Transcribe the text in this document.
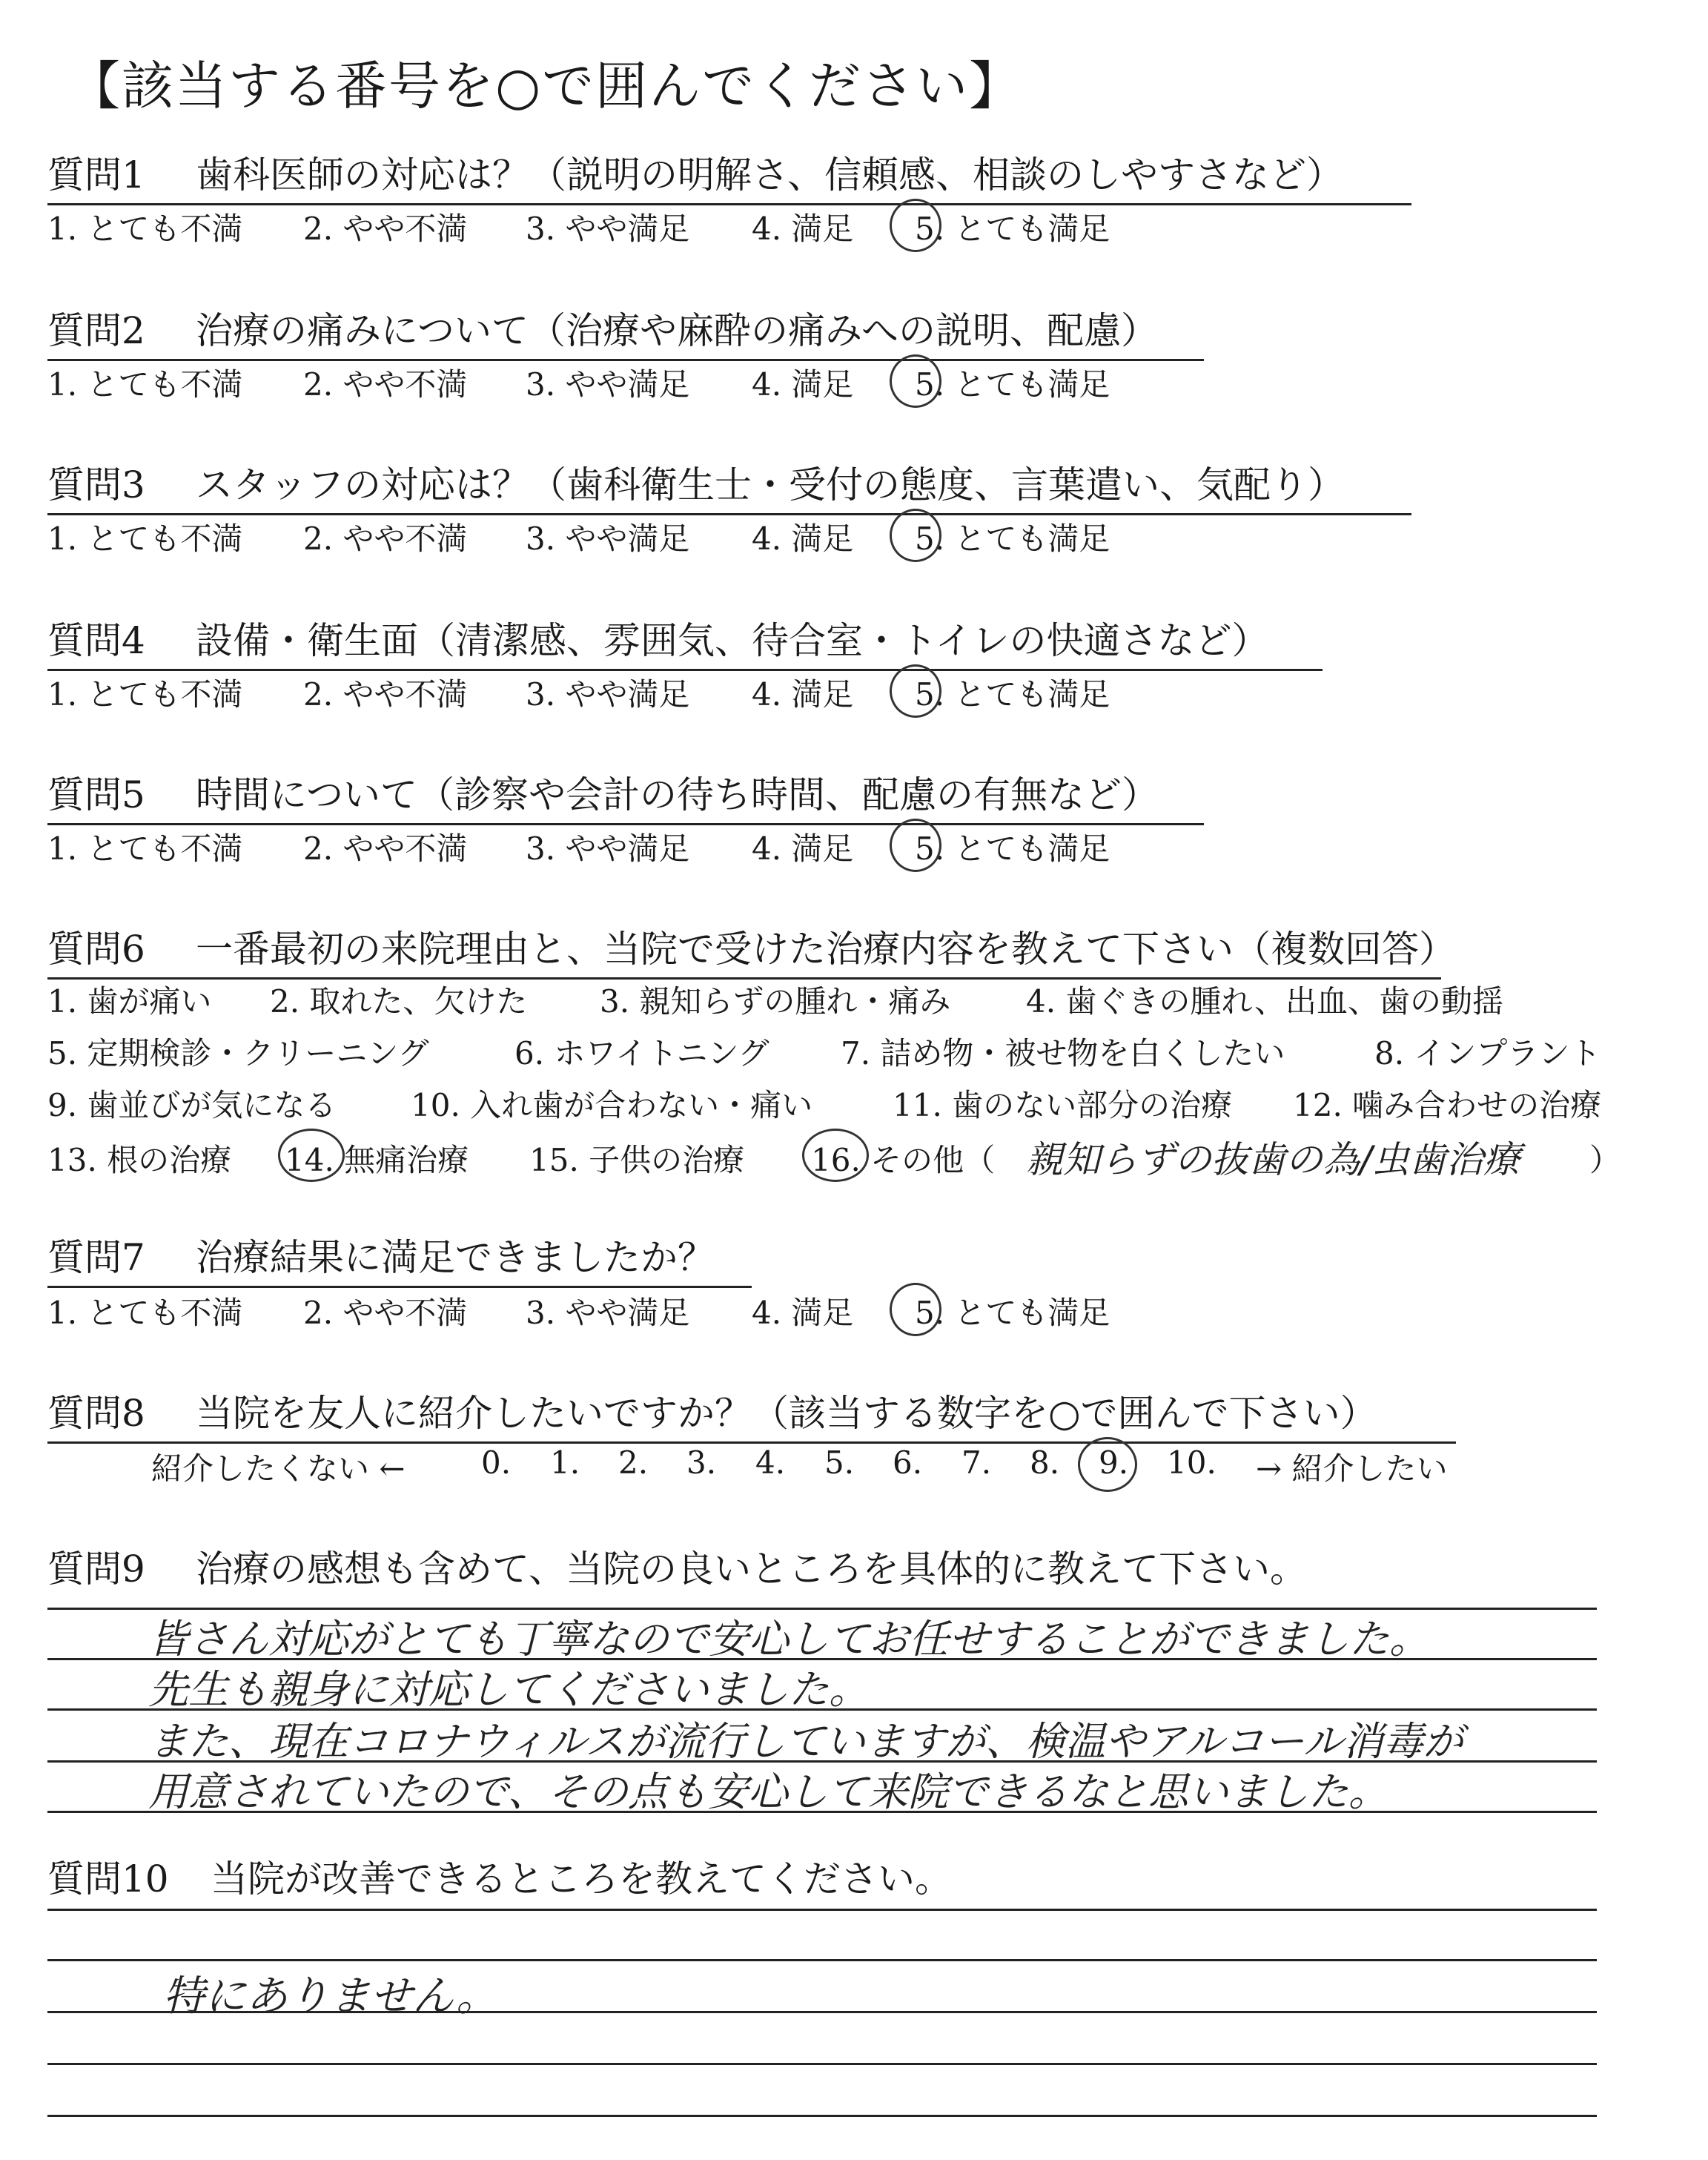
【該当する番号を○で囲んでください】
質問1 歯科医師の対応は？（説明の明解さ、信頼感、相談のしやすさなど）
1. とても不満 2. やや不満 3. やや満足 4. 満足 5. とても満足
質問2 治療の痛みについて（治療や麻酔の痛みへの説明、配慮）
1. とても不満 2. やや不満 3. やや満足 4. 満足 5. とても満足
質問3 スタッフの対応は？（歯科衛生士・受付の態度、言葉遣い、気配り）
1. とても不満 2. やや不満 3. やや満足 4. 満足 5. とても満足
質問4 設備・衛生面（清潔感、雰囲気、待合室・トイレの快適さなど）
1. とても不満 2. やや不満 3. やや満足 4. 満足 5. とても満足
質問5 時間について（診察や会計の待ち時間、配慮の有無など）
1. とても不満 2. やや不満 3. やや満足 4. 満足 5. とても満足
質問6 一番最初の来院理由と、当院で受けた治療内容を教えて下さい（複数回答）
1. 歯が痛い 2. 取れた、欠けた 3. 親知らずの腫れ・痛み 4. 歯ぐきの腫れ、出血、歯の動揺
5. 定期検診・クリーニング	6. ホワイトニング 7. 詰め物・被せ物を白くしたい	8. インプラント
9. 歯並びが気になる 10. 入れ歯が合わない・痛い	11. 歯のない部分の治療 12. 噛み合わせの治療
13. 根の治療 14. 無痛治療 15. 子供の治療 16. その他（ 親知らずの抜歯の為/虫歯治療 ）
質問7 治療結果に満足できましたか？
1. とても不満 2. やや不満 3. やや満足 4. 満足 5. とても満足
質問8 当院を友人に紹介したいですか？（該当する数字を○で囲んで下さい）
紹介したくない ← 0. 1. 2. 3. 4. 5. 6. 7. 8. 9. 10. → 紹介したい
質問9 治療の感想も含めて、当院の良いところを具体的に教えて下さい。
皆さん対応がとても丁寧なので安心してお任せすることができました。
先生も親身に対応してくださいました。
また、現在コロナウィルスが流行していますが、検温やアルコール消毒が
用意されていたので、その点も安心して来院できるなと思いました。
質問10 当院が改善できるところを教えてください。
特にありません。
